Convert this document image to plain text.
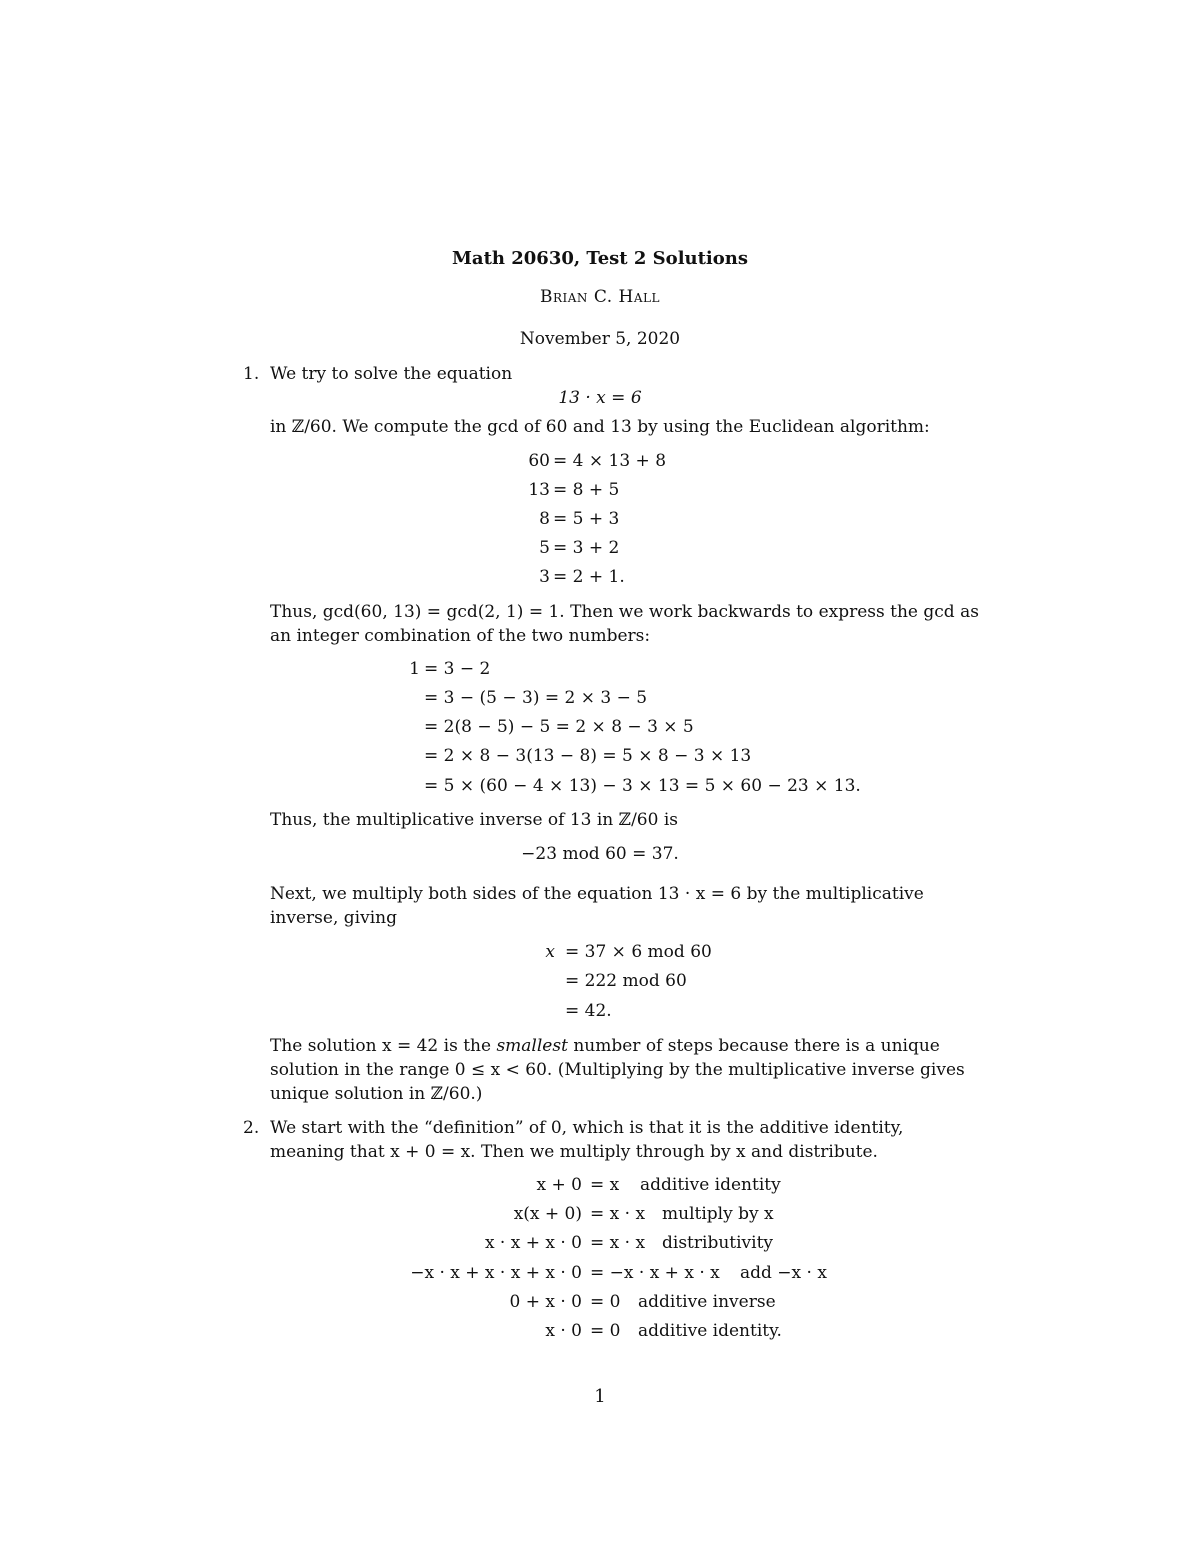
Math 20630, Test 2 Solutions
Brian C. Hall
November 5, 2020
1. We try to solve the equation
13 · x = 6
in ℤ/60. We compute the gcd of 60 and 13 by using the Euclidean algorithm:
60 = 4 × 13 + 8
13 = 8 + 5
8 = 5 + 3
5 = 3 + 2
3 = 2 + 1.
Thus, gcd(60, 13) = gcd(2, 1) = 1. Then we work backwards to express the gcd as an integer combination of the two numbers:
1 = 3 − 2
= 3 − (5 − 3) = 2 × 3 − 5
= 2(8 − 5) − 5 = 2 × 8 − 3 × 5
= 2 × 8 − 3(13 − 8) = 5 × 8 − 3 × 13
= 5 × (60 − 4 × 13) − 3 × 13 = 5 × 60 − 23 × 13.
Thus, the multiplicative inverse of 13 in ℤ/60 is
−23 mod 60 = 37.
Next, we multiply both sides of the equation 13 · x = 6 by the multiplicative inverse, giving
x = 37 × 6 mod 60
= 222 mod 60
= 42.
The solution x = 42 is the smallest number of steps because there is a unique solution in the range 0 ≤ x < 60. (Multiplying by the multiplicative inverse gives unique solution in ℤ/60.)
2. We start with the “definition” of 0, which is that it is the additive identity, meaning that x + 0 = x. Then we multiply through by x and distribute.
x + 0 = x additive identity
x(x + 0) = x · x multiply by x
x · x + x · 0 = x · x distributivity
−x · x + x · x + x · 0 = −x · x + x · x add −x · x
0 + x · 0 = 0 additive inverse
x · 0 = 0 additive identity.
1
